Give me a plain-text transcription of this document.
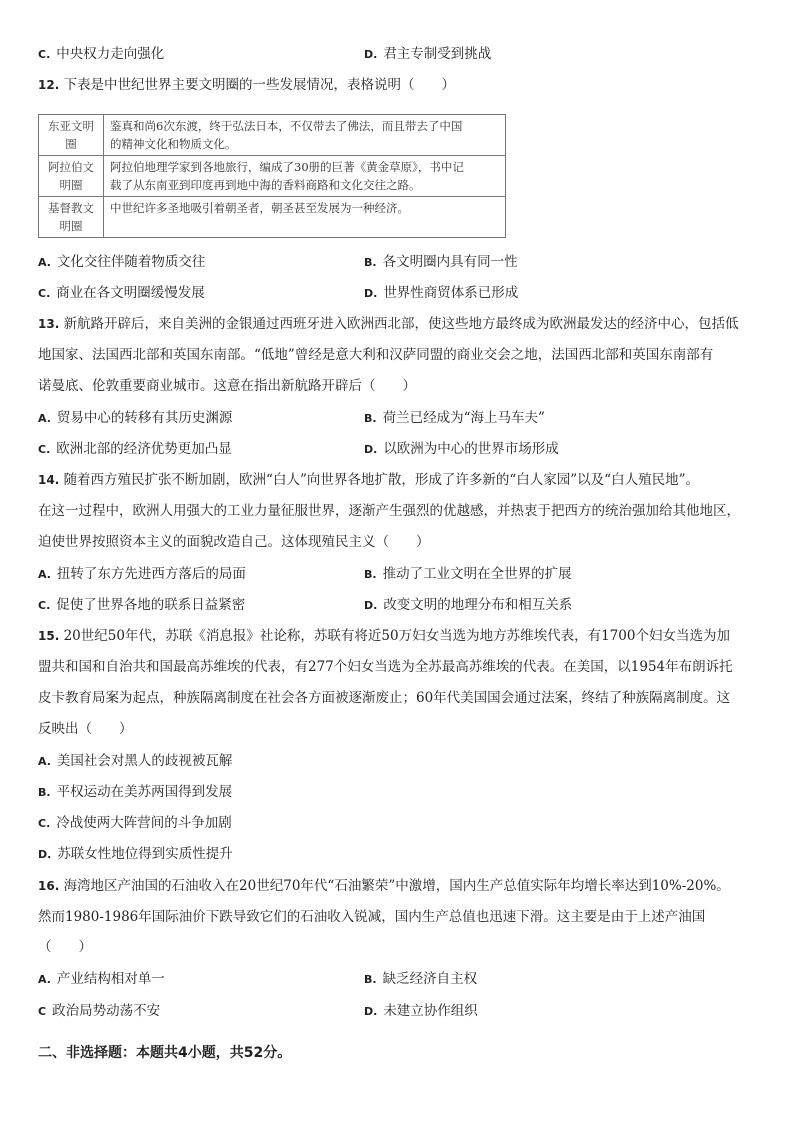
C. 中央权力走向强化	D. 君主专制受到挑战
12. 下表是中世纪世界主要文明圈的一些发展情况，表格说明（　　）
东亚文明圈	鉴真和尚6次东渡，终于弘法日本，不仅带去了佛法，而且带去了中国
的精神文化和物质文化。

阿拉伯文明圈	阿拉伯地理学家到各地旅行，编成了30册的巨著《黄金草原》，书中记
载了从东南亚到印度再到地中海的香料商路和文化交往之路。

基督教文明圈	中世纪许多圣地吸引着朝圣者，朝圣甚至发展为一种经济。
A. 文化交往伴随着物质交往	B. 各文明圈内具有同一性
C. 商业在各文明圈缓慢发展	D. 世界性商贸体系已形成
13. 新航路开辟后，来自美洲的金银通过西班牙进入欧洲西北部，使这些地方最终成为欧洲最发达的经济中心，包括低
地国家、法国西北部和英国东南部。“低地”曾经是意大利和汉萨同盟的商业交会之地，法国西北部和英国东南部有
诺曼底、伦敦重要商业城市。这意在指出新航路开辟后（　　）
A. 贸易中心的转移有其历史渊源	B. 荷兰已经成为“海上马车夫”
C. 欧洲北部的经济优势更加凸显	D. 以欧洲为中心的世界市场形成
14. 随着西方殖民扩张不断加剧，欧洲“白人”向世界各地扩散，形成了许多新的“白人家园”以及“白人殖民地”。
在这一过程中，欧洲人用强大的工业力量征服世界，逐渐产生强烈的优越感，并热衷于把西方的统治强加给其他地区，
迫使世界按照资本主义的面貌改造自己。这体现殖民主义（　　）
A. 扭转了东方先进西方落后的局面	B. 推动了工业文明在全世界的扩展
C. 促使了世界各地的联系日益紧密	D. 改变文明的地理分布和相互关系
15. 20世纪50年代，苏联《消息报》社论称，苏联有将近50万妇女当选为地方苏维埃代表，有1700个妇女当选为加
盟共和国和自治共和国最高苏维埃的代表，有277个妇女当选为全苏最高苏维埃的代表。在美国，以1954年布朗诉托
皮卡教育局案为起点，种族隔离制度在社会各方面被逐渐废止；60年代美国国会通过法案，终结了种族隔离制度。这
反映出（　　）
A. 美国社会对黑人的歧视被瓦解
B. 平权运动在美苏两国得到发展
C. 冷战使两大阵营间的斗争加剧
D. 苏联女性地位得到实质性提升
16. 海湾地区产油国的石油收入在20世纪70年代“石油繁荣”中激增，国内生产总值实际年均增长率达到10%-20%。
然而1980-1986年国际油价下跌导致它们的石油收入锐减，国内生产总值也迅速下滑。这主要是由于上述产油国
（　　）
A. 产业结构相对单一	B. 缺乏经济自主权
C 政治局势动荡不安	D. 未建立协作组织
二、非选择题：本题共4小题，共52分。
